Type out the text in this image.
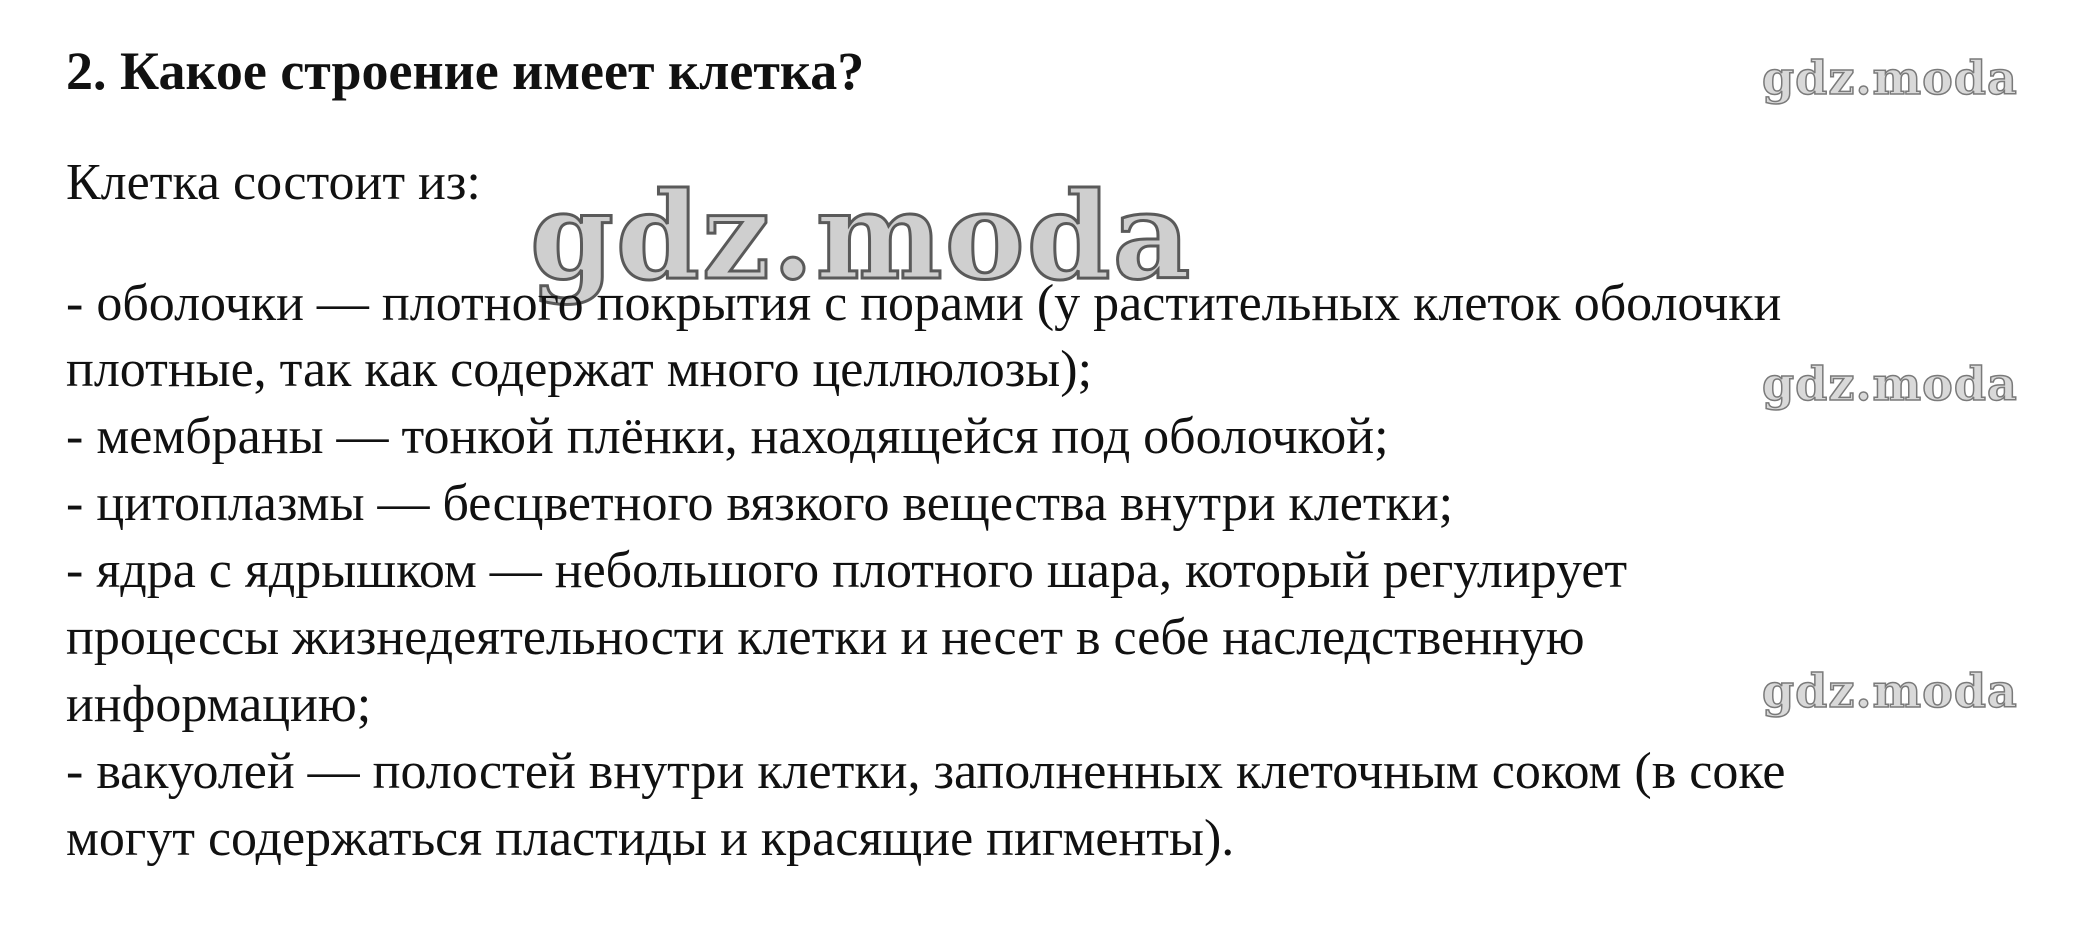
2. Какое строение имеет клетка?	gdz.moda

Клетка состоит из: gdz.moda

- оболочки — плотного покрытия с порами (у растительных клеток оболочки

плотные, так как содержат много целлюлозы);	gdz.moda

- мембраны — тонкой плёнки, находящейся под оболочкой;

- цитоплазмы — бесцветного вязкого вещества внутри клетки;

- ядра с ядрышком — небольшого плотного шара, который регулирует

процессы жизнедеятельности клетки и несет в себе наследственную

информацию;	gdz.moda

- вакуолей — полостей внутри клетки, заполненных клеточным соком (в соке

могут содержаться пластиды и красящие пигменты).
